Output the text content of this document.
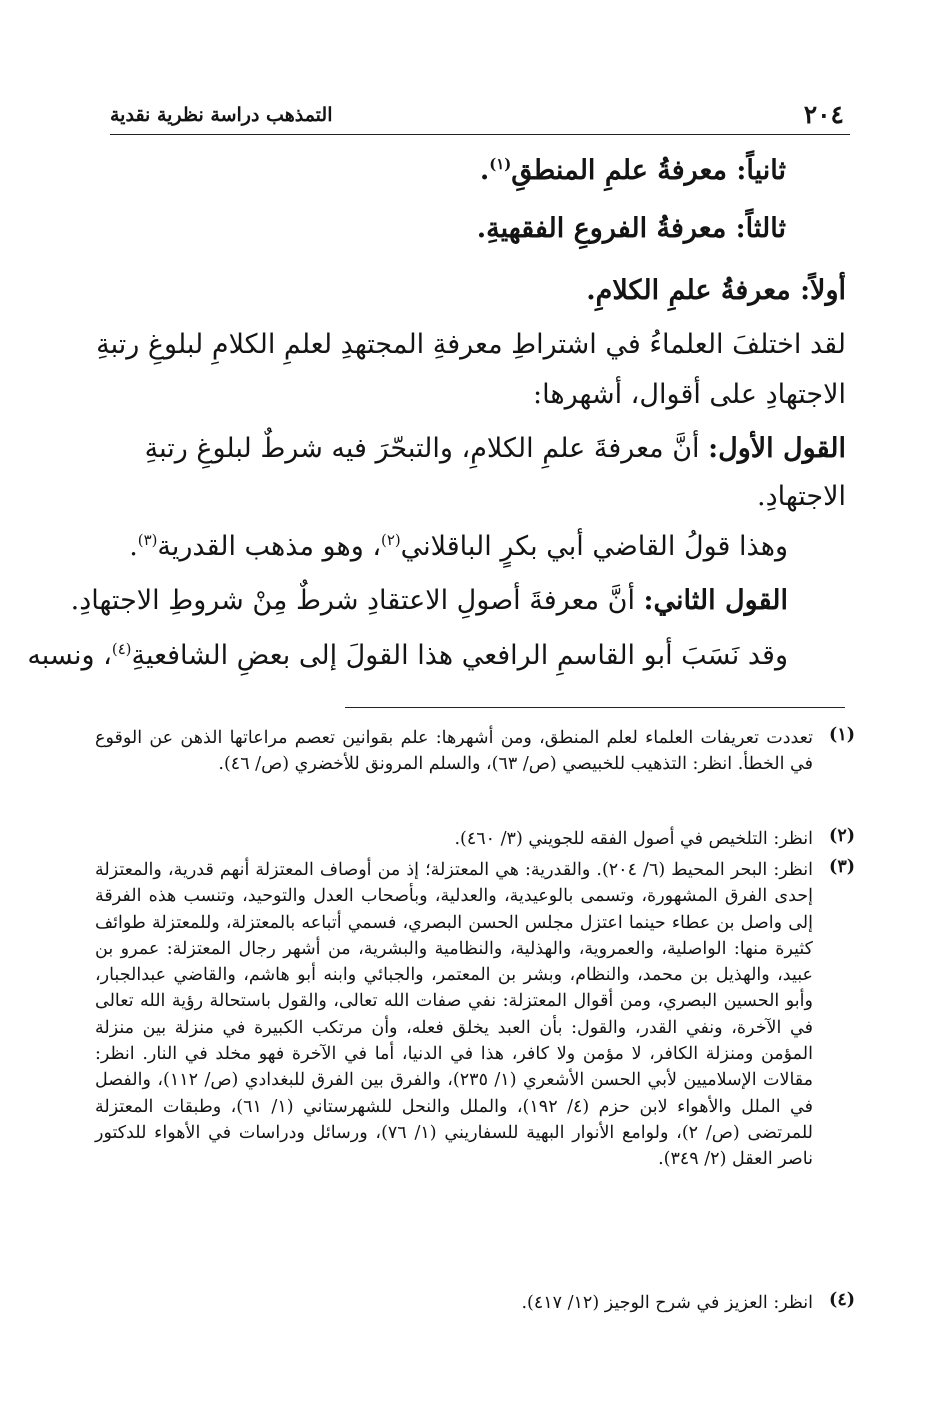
٢٠٤
التمذهب دراسة نظرية نقدية
ثانياً: معرفةُ علمِ المنطقِ$^{(١)}$.
ثالثاً: معرفةُ الفروعِ الفقهيةِ.
أولاً: معرفةُ علمِ الكلامِ.
لقد اختلفَ العلماءُ في اشتراطِ معرفةِ المجتهدِ لعلمِ الكلامِ لبلوغِ رتبةِ
الاجتهادِ على أقوال، أشهرها:
القول الأول: أنَّ معرفةَ علمِ الكلامِ، والتبحّرَ فيه شرطٌ لبلوغِ رتبةِ
الاجتهادِ.
وهذا قولُ القاضي أبي بكرٍ الباقلاني$^{(٢)}$، وهو مذهب القدرية$^{(٣)}$.
القول الثاني: أنَّ معرفةَ أصولِ الاعتقادِ شرطٌ مِنْ شروطِ الاجتهادِ.
وقد نَسَبَ أبو القاسمِ الرافعي هذا القولَ إلى بعضِ الشافعيةِ$^{(٤)}$، ونسبه
(١)
تعددت تعريفات العلماء لعلم المنطق، ومن أشهرها: علم بقوانين تعصم مراعاتها الذهن عن الوقوع في الخطأ. انظر: التذهيب للخبيصي (ص/ ٦٣)، والسلم المرونق للأخضري (ص/ ٤٦).
(٢)
انظر: التلخيص في أصول الفقه للجويني (٣/ ٤٦٠).
(٣)
انظر: البحر المحيط (٦/ ٢٠٤). والقدرية: هي المعتزلة؛ إذ من أوصاف المعتزلة أنهم قدرية، والمعتزلة إحدى الفرق المشهورة، وتسمى بالوعيدية، والعدلية، وبأصحاب العدل والتوحيد، وتنسب هذه الفرقة إلى واصل بن عطاء حينما اعتزل مجلس الحسن البصري، فسمي أتباعه بالمعتزلة، وللمعتزلة طوائف كثيرة منها: الواصلية، والعمروية، والهذلية، والنظامية والبشرية، من أشهر رجال المعتزلة: عمرو بن عبيد، والهذيل بن محمد، والنظام، وبشر بن المعتمر، والجبائي وابنه أبو هاشم، والقاضي عبدالجبار، وأبو الحسين البصري، ومن أقوال المعتزلة: نفي صفات الله تعالى، والقول باستحالة رؤية الله تعالى في الآخرة، ونفي القدر، والقول: بأن العبد يخلق فعله، وأن مرتكب الكبيرة في منزلة بين منزلة المؤمن ومنزلة الكافر، لا مؤمن ولا كافر، هذا في الدنيا، أما في الآخرة فهو مخلد في النار. انظر: مقالات الإسلاميين لأبي الحسن الأشعري (١/ ٢٣٥)، والفرق بين الفرق للبغدادي (ص/ ١١٢)، والفصل في الملل والأهواء لابن حزم (٤/ ١٩٢)، والملل والنحل للشهرستاني (١/ ٦١)، وطبقات المعتزلة للمرتضى (ص/ ٢)، ولوامع الأنوار البهية للسفاريني (١/ ٧٦)، ورسائل ودراسات في الأهواء للدكتور ناصر العقل (٢/ ٣٤٩).
(٤)
انظر: العزيز في شرح الوجيز (١٢/ ٤١٧).
